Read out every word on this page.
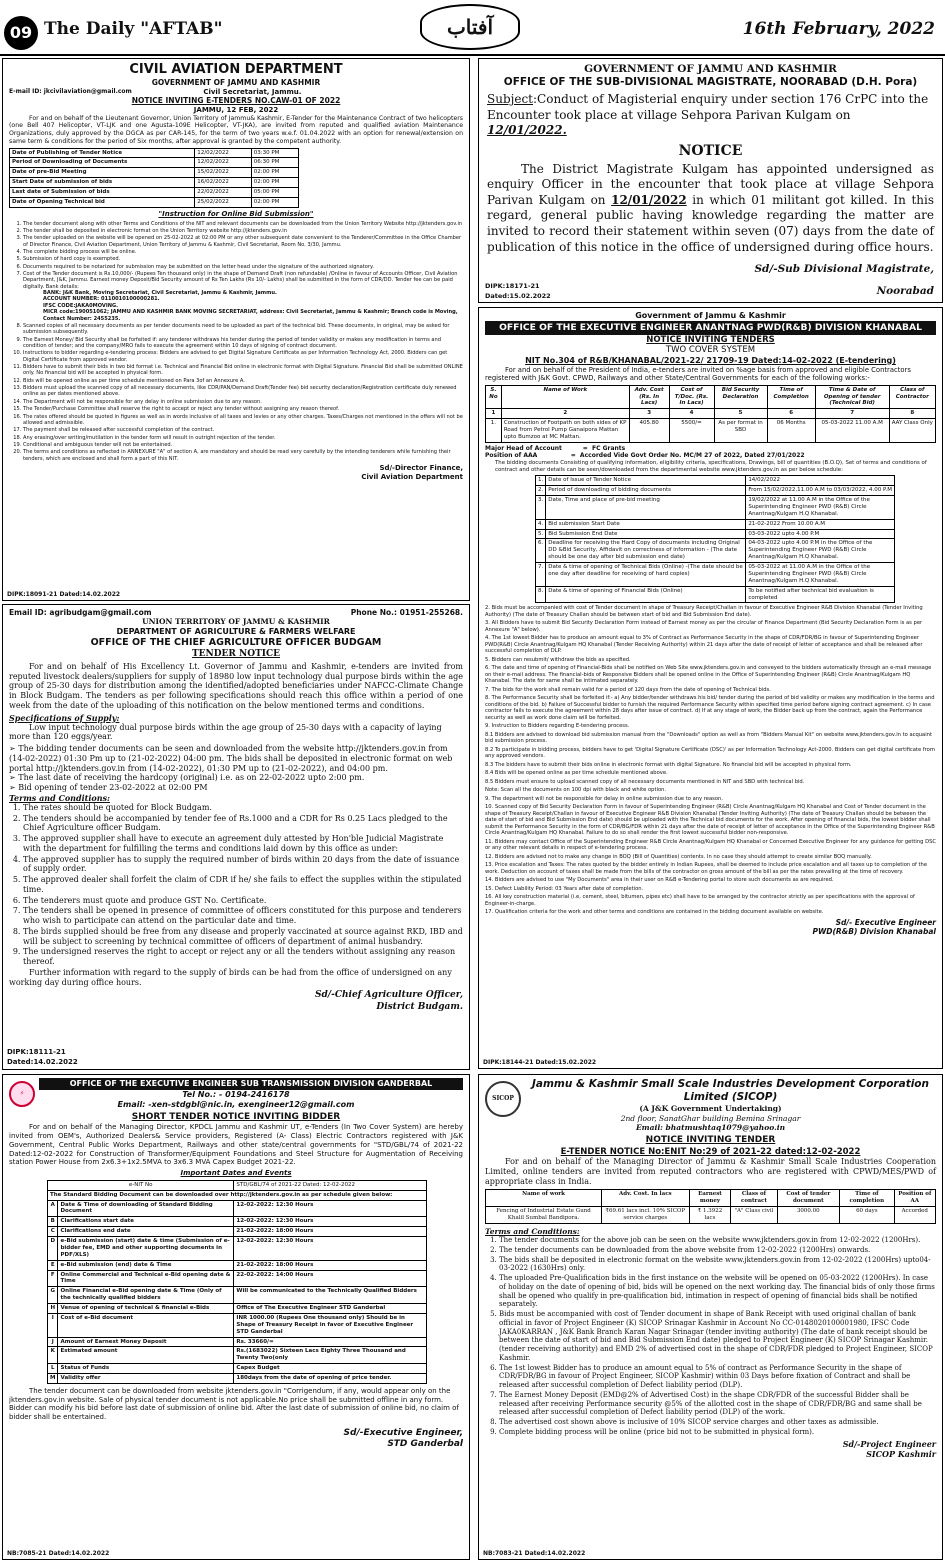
09 The Daily "AFTAB"	آفتاب	16th February, 2022
CIVIL AVIATION DEPARTMENT
GOVERNMENT OF JAMMU AND KASHMIR
E-mail ID: jkcivilaviation@gmail.com	Civil Secretariat, Jammu.
NOTICE INVITING E-TENDERS NO.CAW-01 OF 2022
JAMMU, 12 FEB, 2022

For and on behalf of the Lieutenant Governor, Union Territory of Jammu& Kashmir, E-Tender for the Maintenance Contract of two helicopters (one Bell 407 Helicopter, VT-LJK and one Agusta-109E Helicopter, VT-JKA), are invited from reputed and qualified aviation Maintenance Organizations, duly approved by the DGCA as per CAR-145, for the term of two years w.e.f. 01.04.2022 with an option for renewal/extension on same term & conditions for the period of Six months, after approval is granted by the competent authority.

Date of Publishing of Tender Notice	12/02/2022	03:30 PM
Period of Downloading of Documents	12/02/2022	06:30 PM
Date of pre-Bid Meeting	15/02/2022	02:00 PM
Start Date of submission of bids	16/02/2022	02:00 PM
Last date of Submission of bids	22/02/2022	05:00 PM
Date of Opening Technical bid	25/02/2022	02:00 PM
"Instruction for Online Bid Submission"
1. The tender document along with other Terms and Conditions of the NIT and relevant documents can be downloaded from the Union Territory Website http://jktenders.gov.in
2. The tender shall be deposited in electronic format on the Union Territory website http://jktenders.gov.in
3. The tender uploaded on the website will be opened on 25-02-2022 at 02:00 PM or any other subsequent date convenient to the Tenderer/Committee in the Office Chamber of Director Finance, Civil Aviation Department, Union Territory of Jammu & Kashmir, Civil Secretariat, Room No. 3/30, Jammu.
4. The complete bidding process will be online.
5. Submission of hard copy is exempted.
6. Documents required to be notarized for submission may be submitted on the letter head under the signature of the authorized signatory.
7. Cost of the Tender document is Rs.10,000/- (Rupees Ten thousand only) in the shape of Demand Draft (non refundable) /Online in favour of Accounts Officer, Civil Aviation Department, J&K, Jammu. Earnest money Deposit/Bid Security amount of Rs Ten Lakhs (Rs 10/- Lakhs) shall be submitted in the form of CDR/DD. Tender fee can be paid digitally. Bank details:
BANK: J&K Bank, Moving Secretariat, Civil Secretariat, Jammu & Kashmir, Jammu.
ACCOUNT NUMBER: 0110010100000281.
IFSC CODE:JAKA0MOVING.
MICR code:190051062; JAMMU AND KASHMIR BANK MOVING SECRETARIAT, address: Civil Secretariat, Jammu & Kashmir; Branch code is Moving, Contact Number: 2455235.
8. Scanned copies of all necessary documents as per tender documents need to be uploaded as part of the technical bid. These documents, in original, may be asked for submission subsequently.
9. The Earnest Money/ Bid Security shall be forfeited if: any tenderer withdraws his tender during the period of tender validity or makes any modification in terms and condition of tender; and the company/MRO fails to execute the agreement within 10 days of signing of contract document.
10. Instructions to bidder regarding e-tendering process: Bidders are advised to get Digital Signature Certificate as per Information Technology Act, 2000. Bidders can get Digital Certificate from approved vendor.
11. Bidders have to submit their bids in two bid format i.e. Technical and Financial Bid online in electronic format with Digital Signature. Financial Bid shall be submitted ONLINE only. No financial bid will be accepted in physical form.
12. Bids will be opened online as per time schedule mentioned on Para 3of an Annexure A.
13. Bidders must upload the scanned copy of all necessary documents, like CDR/PAN/Demand Draft(Tender fee) bid security declaration/Registration certificate duly renewed online as per dates mentioned above.
14. The Department will not be responsible for any delay in online submission due to any reason.
15. The Tender/Purchase Committee shall reserve the right to accept or reject any tender without assigning any reason thereof.
16. The rates offered should be quoted in figures as well as in words inclusive of all taxes and levies or any other charges. Taxes/Charges not mentioned in the offers will not be allowed and admissible.
17. The payment shall be released after successful completion of the contract.
18. Any erasing/over writing/mutilation in the tender form will result in outright rejection of the tender.
19. Conditional and ambiguous tender will not be entertained.
20. The terms and conditions as reflected in ANNEXURE "A" of section A, are mandatory and should be read very carefully by the intending tenderers while furnishing their tenders, which are enclosed and shall form a part of this NIT.
Sd/-Director Finance,
Civil Aviation Department
DIPK:18091-21 Dated:14.02.2022
GOVERNMENT OF JAMMU AND KASHMIR
OFFICE OF THE SUB-DIVISIONAL MAGISTRATE, NOORABAD (D.H. Pora)

Subject:Conduct of Magisterial enquiry under section 176 CrPC into the Encounter took place at village Sehpora Parivan Kulgam on 12/01/2022.

NOTICE

The District Magistrate Kulgam has appointed undersigned as enquiry Officer in the encounter that took place at village Sehpora Parivan Kulgam on 12/01/2022 in which 01 militant got killed. In this regard, general public having knowledge regarding the matter are invited to record their statement within seven (07) days from the date of publication of this notice in the office of undersigned during office hours.

Sd/-Sub Divisional Magistrate,
DIPK:18171-21
Dated:15.02.2022	Noorabad
Government of Jammu & Kashmir
OFFICE OF THE EXECUTIVE ENGINEER ANANTNAG PWD(R&B) DIVISION KHANABAL
NOTICE INVITING TENDERS
TWO COVER SYSTEM
NIT No.304 of R&B/KHANABAL/2021-22/ 21709-19 Dated:14-02-2022 (E-tendering)

For and on behalf of the President of India, e-tenders are invited on %age basis from approved and eligible Contractors registered with J&K Govt. CPWD, Railways and other State/Central Governments for each of the following works:-

S. No	Name of Work	Adv. Cost (Rs. In Lacs)	Cost of T/Doc. (Rs. In Lacs)	Bid Security Declaration	Time of Completion	Time & Date of Opening of tender (Technical Bid)	Class of Contractor
1	2	3	4	5	6	7	8
1.	Construction of Footpath on both sides of KP Road from Petrol Pump Ganaipora Mattan upto Bumzoo at MC Mattan.	405.80	5500/=	As per format in SBD	06 Months	05-03-2022 11.00 A.M	AAY Class Only
Major Head of Account          =  FC Grants
Position of AAA                =  Accorded Vide Govt Order No. MC/M 27 of 2022, Dated 27/01/2022

The bidding documents Consisting of qualifying information, eligibility criteria, specifications, Drawings, bill of quantities (B.O.Q), Set of terms and conditions of contract and other details can be seen/downloaded from the departmental website www.jktenders.gov.in as per below schedule:

1.	Date of Issue of Tender Notice	14/02/2022
2.	Period of downloading of bidding documents	From 15/02/2022,11.00 A.M to 03/03/2022, 4.00 P.M
3.	Date, Time and place of pre-bid meeting	19/02/2022 at 11.00 A.M in the Office of the Superintending Engineer PWD (R&B) Circle Anantnag/Kulgam H.Q Khanabal.
4.	Bid submission Start Date	21-02-2022 From 10.00 A.M
5.	Bid Submission End Date	03-03-2022 upto 4.00 P.M
6.	Deadline for receiving the Hard Copy of documents including Original DD &Bid Security, Affidavit on correctness of information - (The date should be one day after bid submission end date)	04-03-2022 upto 4.00 P.M in the Office of the Superintending Engineer PWD (R&B) Circle Anantnag/Kulgam H.Q Khanabal.
7.	Date & time of opening of Technical Bids (Online) -(The date should be one day after deadline for receiving of hard copies)	05-03-2022 at 11.00 A.M in the Office of the Superintending Engineer PWD (R&B) Circle Anantnag/Kulgam H.Q Khanabal.
8.	Date & time of opening of Financial Bids (Online)	To be notified after technical bid evaluation is completed

2. Bids must be accompanied with cost of Tender document in shape of Treasury Receipt/Challan in favour of Executive Engineer R&B Division Khanabal (Tender Inviting Authority) (The date of Treasury Challan should be between start of bid and Bid Submission End date).

3. All Bidders have to submit Bid Security Declaration Form instead of Earnest money as per the circular of Finance Department (Bid Security Declaration Form is as per Annexure "A" below).

4. The 1st lowest Bidder has to produce an amount equal to 3% of Contract as Performance Security in the shape of CDR/FDR/BG in favour of Superintending Engineer PWD(R&B) Circle Anantnag/Kulgam HQ Khanabal (Tender Receiving Authority) within 21 days after the date of receipt of letter of acceptance and shall be released after successful completion of DLP.

5. Bidders can resubmit/ withdraw the bids as specified.

6. The date and time of opening of Financial-Bids shall be notified on Web Site www.jktenders.gov.in and conveyed to the bidders automatically through an e-mail message on their e-mail address. The financial-bids of Responsive Bidders shall be opened online in the Office of Superintending Engineer (R&B) Circle Anantnag/Kulgam HQ Khanabal. The date for same shall be intimated separately.

7. The bids for the work shall remain valid for a period of 120 days from the date of opening of Technical bids.

8. The Performance Security shall be forfeited if:- a) Any bidder/tender withdraws his bid/ tender during the period of bid validity or makes any modification in the terms and conditions of the bid. b) Failure of Successful bidder to furnish the required Performance Security within specified time period before signing contract agreement. c) In case contractor fails to execute the agreement within 28 days after issue of contract. d) If at any stage of work, the Bidder back up from the contract, again the Performance security as well as work done claim will be forfeited.

9. Instruction to Bidders regarding E-tendering process.

8.1 Bidders are advised to download bid submission manual from the "Downloads" option as well as from "Bidders Manual Kit" on website www.jktenders.gov.in to acquaint bid submission process.

8.2 To participate in bidding process, bidders have to get 'Digital Signature Certificate (DSC)' as per Information Technology Act-2000. Bidders can get digital certificate from any approved vendors.

8.3 The bidders have to submit their bids online in electronic format with digital Signature. No financial bid will be accepted in physical form.

8.4 Bids will be opened online as per time schedule mentioned above.

8.5 Bidders must ensure to upload scanned copy of all necessary documents mentioned in NIT and SBD with technical bid.

Note: Scan all the documents on 100 dpi with black and white option.

9. The department will not be responsible for delay in online submission due to any reason.

10. Scanned copy of Bid Security Declaration Form in favour of Superintending Engineer (R&B) Circle Anantnag/Kulgam HQ Khanabal and Cost of Tender document in the shape of Treasury Receipt/Challan in favour of Executive Engineer R&B Division Khanabal (Tender Inviting Authority) (The date of Treasury Challan should be between the date of start of bid and Bid Submission End date) should be uploaded with the Technical bid documents for the work. After opening of financial bids, the lowest bidder shall submit the Performance Security in the form of CDR/BG/FDR within 21 days after the date of receipt of letter of acceptance in the Office of the Superintending Engineer R&B Circle Anantnag/Kulgam HQ Khanabal. Failure to do so shall render the first lowest successful bidder non-responsive.

11. Bidders may contact Office of the Superintending Engineer R&B Circle Anantnag/Kulgam HQ Khanabal or Concerned Executive Engineer for any guidance for getting DSC or any other relevant details in respect of e-tendering process.

12. Bidders are advised not to make any change in BOQ (Bill of Quantities) contents. In no case they should attempt to create similar BOQ manually.

13. Price escalation and Taxes: The rates quoted by the bidder entirely in Indian Rupees, shall be deemed to include price escalation and all taxes up to completion of the work. Deduction on account of taxes shall be made from the bills of the contractor on gross amount of the bill as per the rates prevailing at the time of recovery.

14. Bidders are advised to use "My Documents" area in their user on R&B e-Tendering portal to store such documents as are required.

15. Defect Liability Period: 03 Years after date of completion.

16. All key construction material (i.e, cement, steel, bitumen, pipes etc) shall have to be arranged by the contractor strictly as per specifications with the approval of Engineer-in-charge.

17. Qualification criteria for the work and other terms and conditions are contained in the bidding document available on website.

Sd/- Executive Engineer
PWD(R&B) Division Khanabal
DIPK:18144-21 Dated:15.02.2022
Email ID: agribudgam@gmail.com	Phone No.: 01951-255268.
UNION TERRITORY OF JAMMU & KASHMIR
DEPARTMENT OF AGRICULTURE & FARMERS WELFARE
OFFICE OF THE CHIEF AGRICULTURE OFFICER BUDGAM
TENDER NOTICE

For and on behalf of His Excellency Lt. Governor of Jammu and Kashmir, e-tenders are invited from reputed livestock dealers/suppliers for supply of 18980 low input technology dual purpose birds within the age group of 25-30 days for distribution among the identified/adopted beneficiaries under NAFCC-Climate Change in Block Budgam. The tenders as per following specifications should reach this office within a period of one week from the date of the uploading of this notification on the below mentioned terms and conditions.

Specifications of Supply:

Low input technology dual purpose birds within the age group of 25-30 days with a capacity of laying more than 120 eggs/year.

➢ The bidding tender documents can be seen and downloaded from the website http://jktenders.gov.in from (14-02-2022) 01:30 Pm up to (21-02-2022) 04:00 pm. The bids shall be deposited in electronic format on web portal http://jktenders.gov.in from (14-02-2022), 01:30 PM up to (21-02-2022), and 04:00 pm.
➢ The last date of receiving the hardcopy (original) i.e. as on 22-02-2022 upto 2:00 pm.
➢ Bid opening of tender 23-02-2022 at 02:00 PM
Terms and Conditions:
1. The rates should be quoted for Block Budgam.
2. The tenders should be accompanied by tender fee of Rs.1000 and a CDR for Rs 0.25 Lacs pledged to the Chief Agriculture officer Budgam.
3. The approved supplier shall have to execute an agreement duly attested by Hon'ble Judicial Magistrate with the department for fulfilling the terms and conditions laid down by this office as under:
4. The approved supplier has to supply the required number of birds within 20 days from the date of issuance of supply order.
5. The approved dealer shall forfeit the claim of CDR if he/ she fails to effect the supplies within the stipulated time.
6. The tenderers must quote and produce GST No. Certificate.
7. The tenders shall be opened in presence of committee of officers constituted for this purpose and tenderers who wish to participate can attend on the particular date and time.
8. The birds supplied should be free from any disease and properly vaccinated at source against RKD, IBD and will be subject to screening by technical committee of officers of department of animal husbandry.
9. The undersigned reserves the right to accept or reject any or all the tenders without assigning any reason thereof.

Further information with regard to the supply of birds can be had from the office of undersigned on any working day during office hours.

Sd/-Chief Agriculture Officer,
District Budgam.
DIPK:18111-21
Dated:14.02.2022
⚡
OFFICE OF THE EXECUTIVE ENGINEER SUB TRANSMISSION DIVISION GANDERBAL
Tel No.: - 0194-2416178
Email: -xen-stdgbl@nic.in, exengineer12@gmail.com
SHORT TENDER NOTICE INVITING BIDDER

For and on behalf of the Managing Director, KPDCL Jammu and Kashmir UT, e-Tenders (In Two Cover System) are hereby invited from OEM's, Authorized Dealers& Service providers, Registered (A- Class) Electric Contractors registered with J&K Government, Central Public Works Department, Railways and other state/central governments for "STD/GBL/74 of 2021-22 Dated:12-02-2022 for Construction of Transformer/Equipment Foundations and Steel Structure for Augmentation of Receiving station Power House from 2x6.3+1x2.5MVA to 3x6.3 MVA Capex Budget 2021-22.

Important Dates and Events
e-NIT No		STD/GBL/74 of 2021-22 Dated: 12-02-2022
The Standard Bidding Document can be downloaded over http://jktenders.gov.in as per schedule given below:		
A	Date & Time of downloading of Standard Bidding Document	12-02-2022: 12:30 Hours
B	Clarifications start date	12-02-2022: 12:30 Hours
C	Clarifications end date	21-02-2022: 18:00 Hours
D	e-Bid submission (start) date & time (Submission of e-bidder fee, EMD and other supporting documents in PDF/XLS)	12-02-2022: 12:30 Hours
E	e-Bid submission (end) date & Time	21-02-2022: 18:00 Hours
F	Online Commercial and Technical e-Bid opening date & Time	22-02-2022: 14:00 Hours
G	Online Financial e-Bid opening date & Time (Only of the technically qualified bidders	Will be communicated to the Technically Qualified Bidders
H	Venue of opening of technical & financial e-Bids	Office of The Executive Engineer STD Ganderbal
I	Cost of e-Bid document	INR 1000.00 (Rupees One thousand only) Should be in Shape of Treasury Receipt in favor of Executive Engineer STD Ganderbal
J	Amount of Earnest Money Deposit	Rs. 33660/=
K	Estimated amount	Rs.(1683022) Sixteen Lacs Eighty Three Thousand and Twenty Two(only
L	Status of Funds	Capex Budget
M	Validity offer	180days from the date of opening of price tender.

The tender document can be downloaded from website jktenders.gov.in "Corrigendum, if any, would appear only on the jktenders.gov.in website. Sale of physical tender document is not applicable.No price shall be submitted offline in any form. Bidder can modify his bid before last date of submission of online bid. After the last date of submission of online bid, no claim of bidder shall be entertained.

Sd/-Executive Engineer,
STD Ganderbal
NB:7085-21 Dated:14.02.2022
SICOP
Jammu & Kashmir Small Scale Industries Development Corporation Limited (SICOP)
(A J&K Government Undertaking)
2nd floor, SanatGhar building Bemina Srinagar
Email: bhatmushtaq1079@yahoo.in
NOTICE INVITING TENDER
E-TENDER NOTICE No:ENIT No:29 of 2021-22 dated:12-02-2022

For and on behalf of the Managing Director of Jammu & Kashmir Small Scale Industries Cooperation Limited, online tenders are invited from reputed contractors who are registered with CPWD/MES/PWD of appropriate class in India.

Name of work	Adv. Cost. In lacs	Earnest money	Class of contract	Cost of tender document	Time of completion	Position of AA
Fencing of Industrial Estate Gund Khalil Sumbal Bandipora.	₹69.61 lacs incl. 10% SICOP service charges	₹ 1.3922 lacs	"A" Class civil	3000.00	60 days	Accorded
Terms and Conditions:
1. The tender documents for the above job can be seen on the website www.jktenders.gov.in from 12-02-2022 (1200Hrs).
2. The tender documents can be downloaded from the above website from 12-02-2022 (1200Hrs) onwards.
3. The bids shall be deposited in electronic format on the website www.jktenders.gov.in from 12-02-2022 (1200Hrs) upto04-03-2022 (1630Hrs) only.
4. The uploaded Pre-Qualification bids in the first instance on the website will be opened on 05-03-2022 (1200Hrs). In case of holiday on the date of opening of bid, bids will be opened on the next working day. The financial bids of only those firms shall be opened who qualify in pre-qualification bid, intimation in respect of opening of financial bids shall be notified separately.
5. Bids must be accompanied with cost of Tender document in shape of Bank Receipt with used original challan of bank official in favor of Project Engineer (K) SICOP Srinagar Kashmir in Account No CC-0148020100001980, IFSC Code JAKA0KARRAN , J&K Bank Branch Karan Nagar Srinagar (tender inviting authority) (The date of bank receipt should be between the date of start of bid and Bid Submission End date) pledged to Project Engineer (K) SICOP Srinagar Kashmir. (tender receiving authority) and EMD 2% of advertised cost in the shape of CDR/FDR pledged to Project Engineer, SICOP Kashmir.
6. The 1st lowest Bidder has to produce an amount equal to 5% of contract as Performance Security in the shape of CDR/FDR/BG in favour of Project Engineer, SICOP Kashmir) within 03 Days before fixation of Contract and shall be released after successful completion of Defect liability period (DLP).
7. The Earnest Money Deposit (EMD@2% of Advertised Cost) in the shape CDR/FDR of the successful Bidder shall be released after receiving Performance security @5% of the allotted cost in the shape of CDR/FDR/BG and same shall be released after successful completion of Defect liability period (DLP) of the work.
8. The advertised cost shown above is inclusive of 10% SICOP service charges and other taxes as admissible.
9. Complete bidding process will be online (price bid not to be submitted in physical form).
Sd/-Project Engineer
SICOP Kashmir
NB:7083-21 Dated:14.02.2022
